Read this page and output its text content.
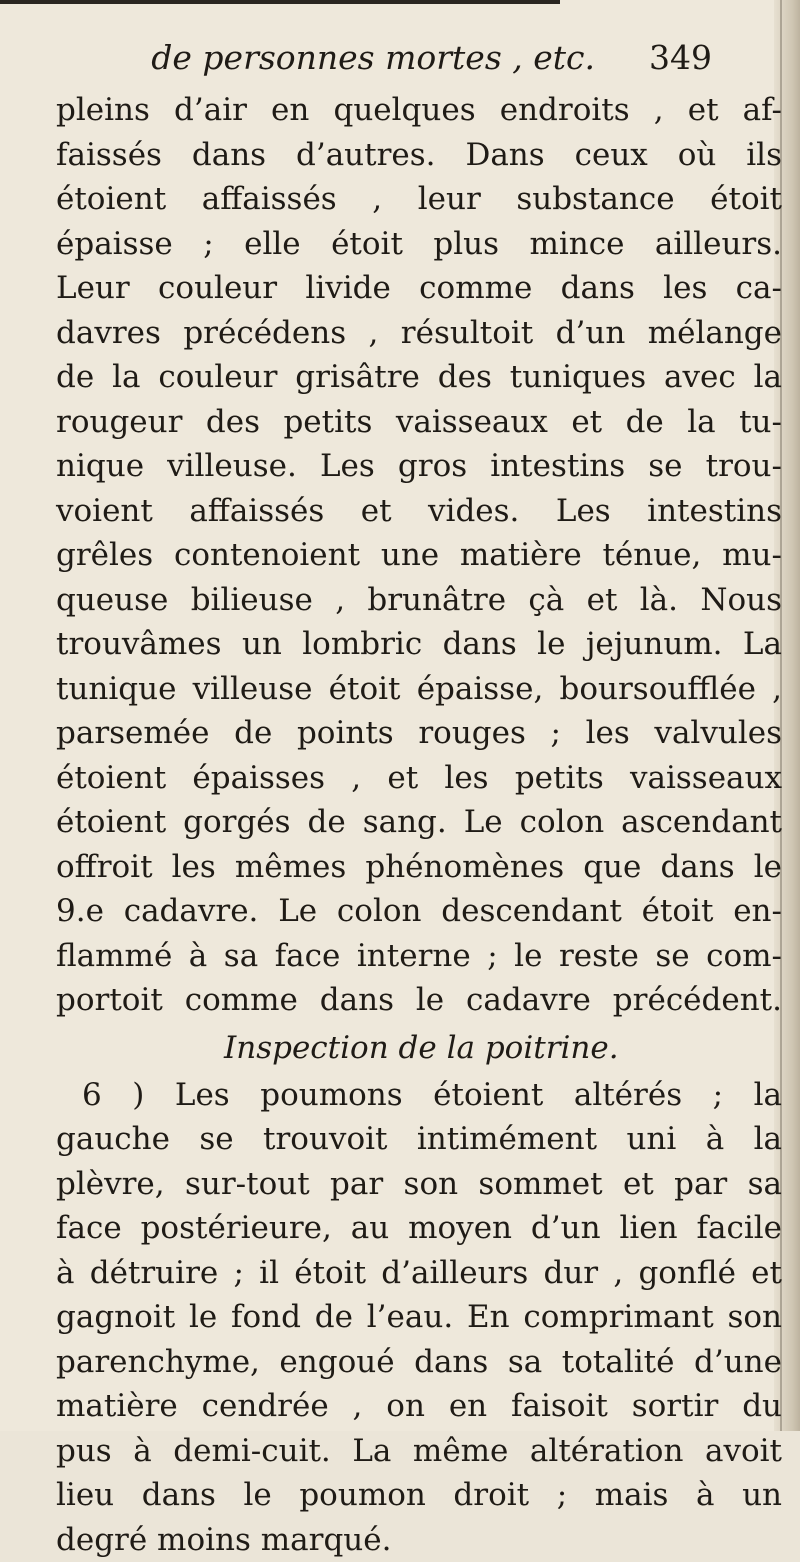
de personnes mortes , etc. 349
pleins d’air en quelques endroits , et af-
faissés dans d’autres. Dans ceux où ils
étoient affaissés , leur substance étoit
épaisse ; elle étoit plus mince ailleurs.
Leur couleur livide comme dans les ca-
davres précédens , résultoit d’un mélange
de la couleur grisâtre des tuniques avec la
rougeur des petits vaisseaux et de la tu-
nique villeuse. Les gros intestins se trou-
voient affaissés et vides. Les intestins
grêles contenoient une matière ténue, mu-
queuse bilieuse , brunâtre çà et là. Nous
trouvâmes un lombric dans le jejunum. La
tunique villeuse étoit épaisse, boursoufflée ,
parsemée de points rouges ; les valvules
étoient épaisses , et les petits vaisseaux
étoient gorgés de sang. Le colon ascendant
offroit les mêmes phénomènes que dans le
9.e cadavre. Le colon descendant étoit en-
flammé à sa face interne ; le reste se com-
portoit comme dans le cadavre précédent.
Inspection de la poitrine.
6 ) Les poumons étoient altérés ; la
gauche se trouvoit intimément uni à la
plèvre, sur-tout par son sommet et par sa
face postérieure, au moyen d’un lien facile
à détruire ; il étoit d’ailleurs dur , gonflé et
gagnoit le fond de l’eau. En comprimant son
parenchyme, engoué dans sa totalité d’une
matière cendrée , on en faisoit sortir du
pus à demi-cuit. La même altération avoit
lieu dans le poumon droit ; mais à un
degré moins marqué.
